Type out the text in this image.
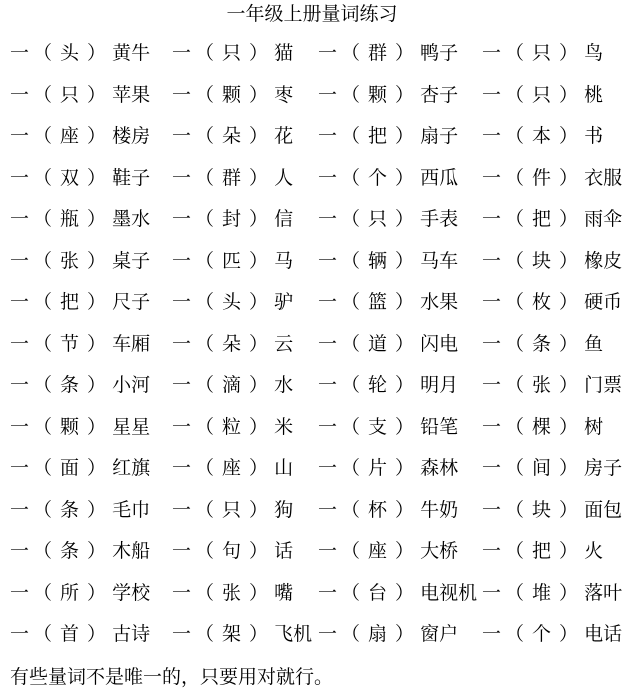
一年级上册量词练习
一 （ 头 ） 黄牛 一 （ 只 ） 猫 一 （ 群 ） 鸭子 一 （ 只 ） 鸟
一 （ 只 ） 苹果 一 （ 颗 ） 枣 一 （ 颗 ） 杏子 一 （ 只 ） 桃
一 （ 座 ） 楼房 一 （ 朵 ） 花 一 （ 把 ） 扇子 一 （ 本 ） 书
一 （ 双 ） 鞋子 一 （ 群 ） 人 一 （ 个 ） 西瓜 一 （ 件 ） 衣服
一 （ 瓶 ） 墨水 一 （ 封 ） 信 一 （ 只 ） 手表 一 （ 把 ） 雨伞
一 （ 张 ） 桌子 一 （ 匹 ） 马 一 （ 辆 ） 马车 一 （ 块 ） 橡皮
一 （ 把 ） 尺子 一 （ 头 ） 驴 一 （ 篮 ） 水果 一 （ 枚 ） 硬币
一 （ 节 ） 车厢 一 （ 朵 ） 云 一 （ 道 ） 闪电 一 （ 条 ） 鱼
一 （ 条 ） 小河 一 （ 滴 ） 水 一 （ 轮 ） 明月 一 （ 张 ） 门票
一 （ 颗 ） 星星 一 （ 粒 ） 米 一 （ 支 ） 铅笔 一 （ 棵 ） 树
一 （ 面 ） 红旗 一 （ 座 ） 山 一 （ 片 ） 森林 一 （ 间 ） 房子
一 （ 条 ） 毛巾 一 （ 只 ） 狗 一 （ 杯 ） 牛奶 一 （ 块 ） 面包
一 （ 条 ） 木船 一 （ 句 ） 话 一 （ 座 ） 大桥 一 （ 把 ） 火
一 （ 所 ） 学校 一 （ 张 ） 嘴 一 （ 台 ） 电视机 一 （ 堆 ） 落叶
一 （ 首 ） 古诗 一 （ 架 ） 飞机 一 （ 扇 ） 窗户 一 （ 个 ） 电话
有些量词不是唯一的，只要用对就行。
